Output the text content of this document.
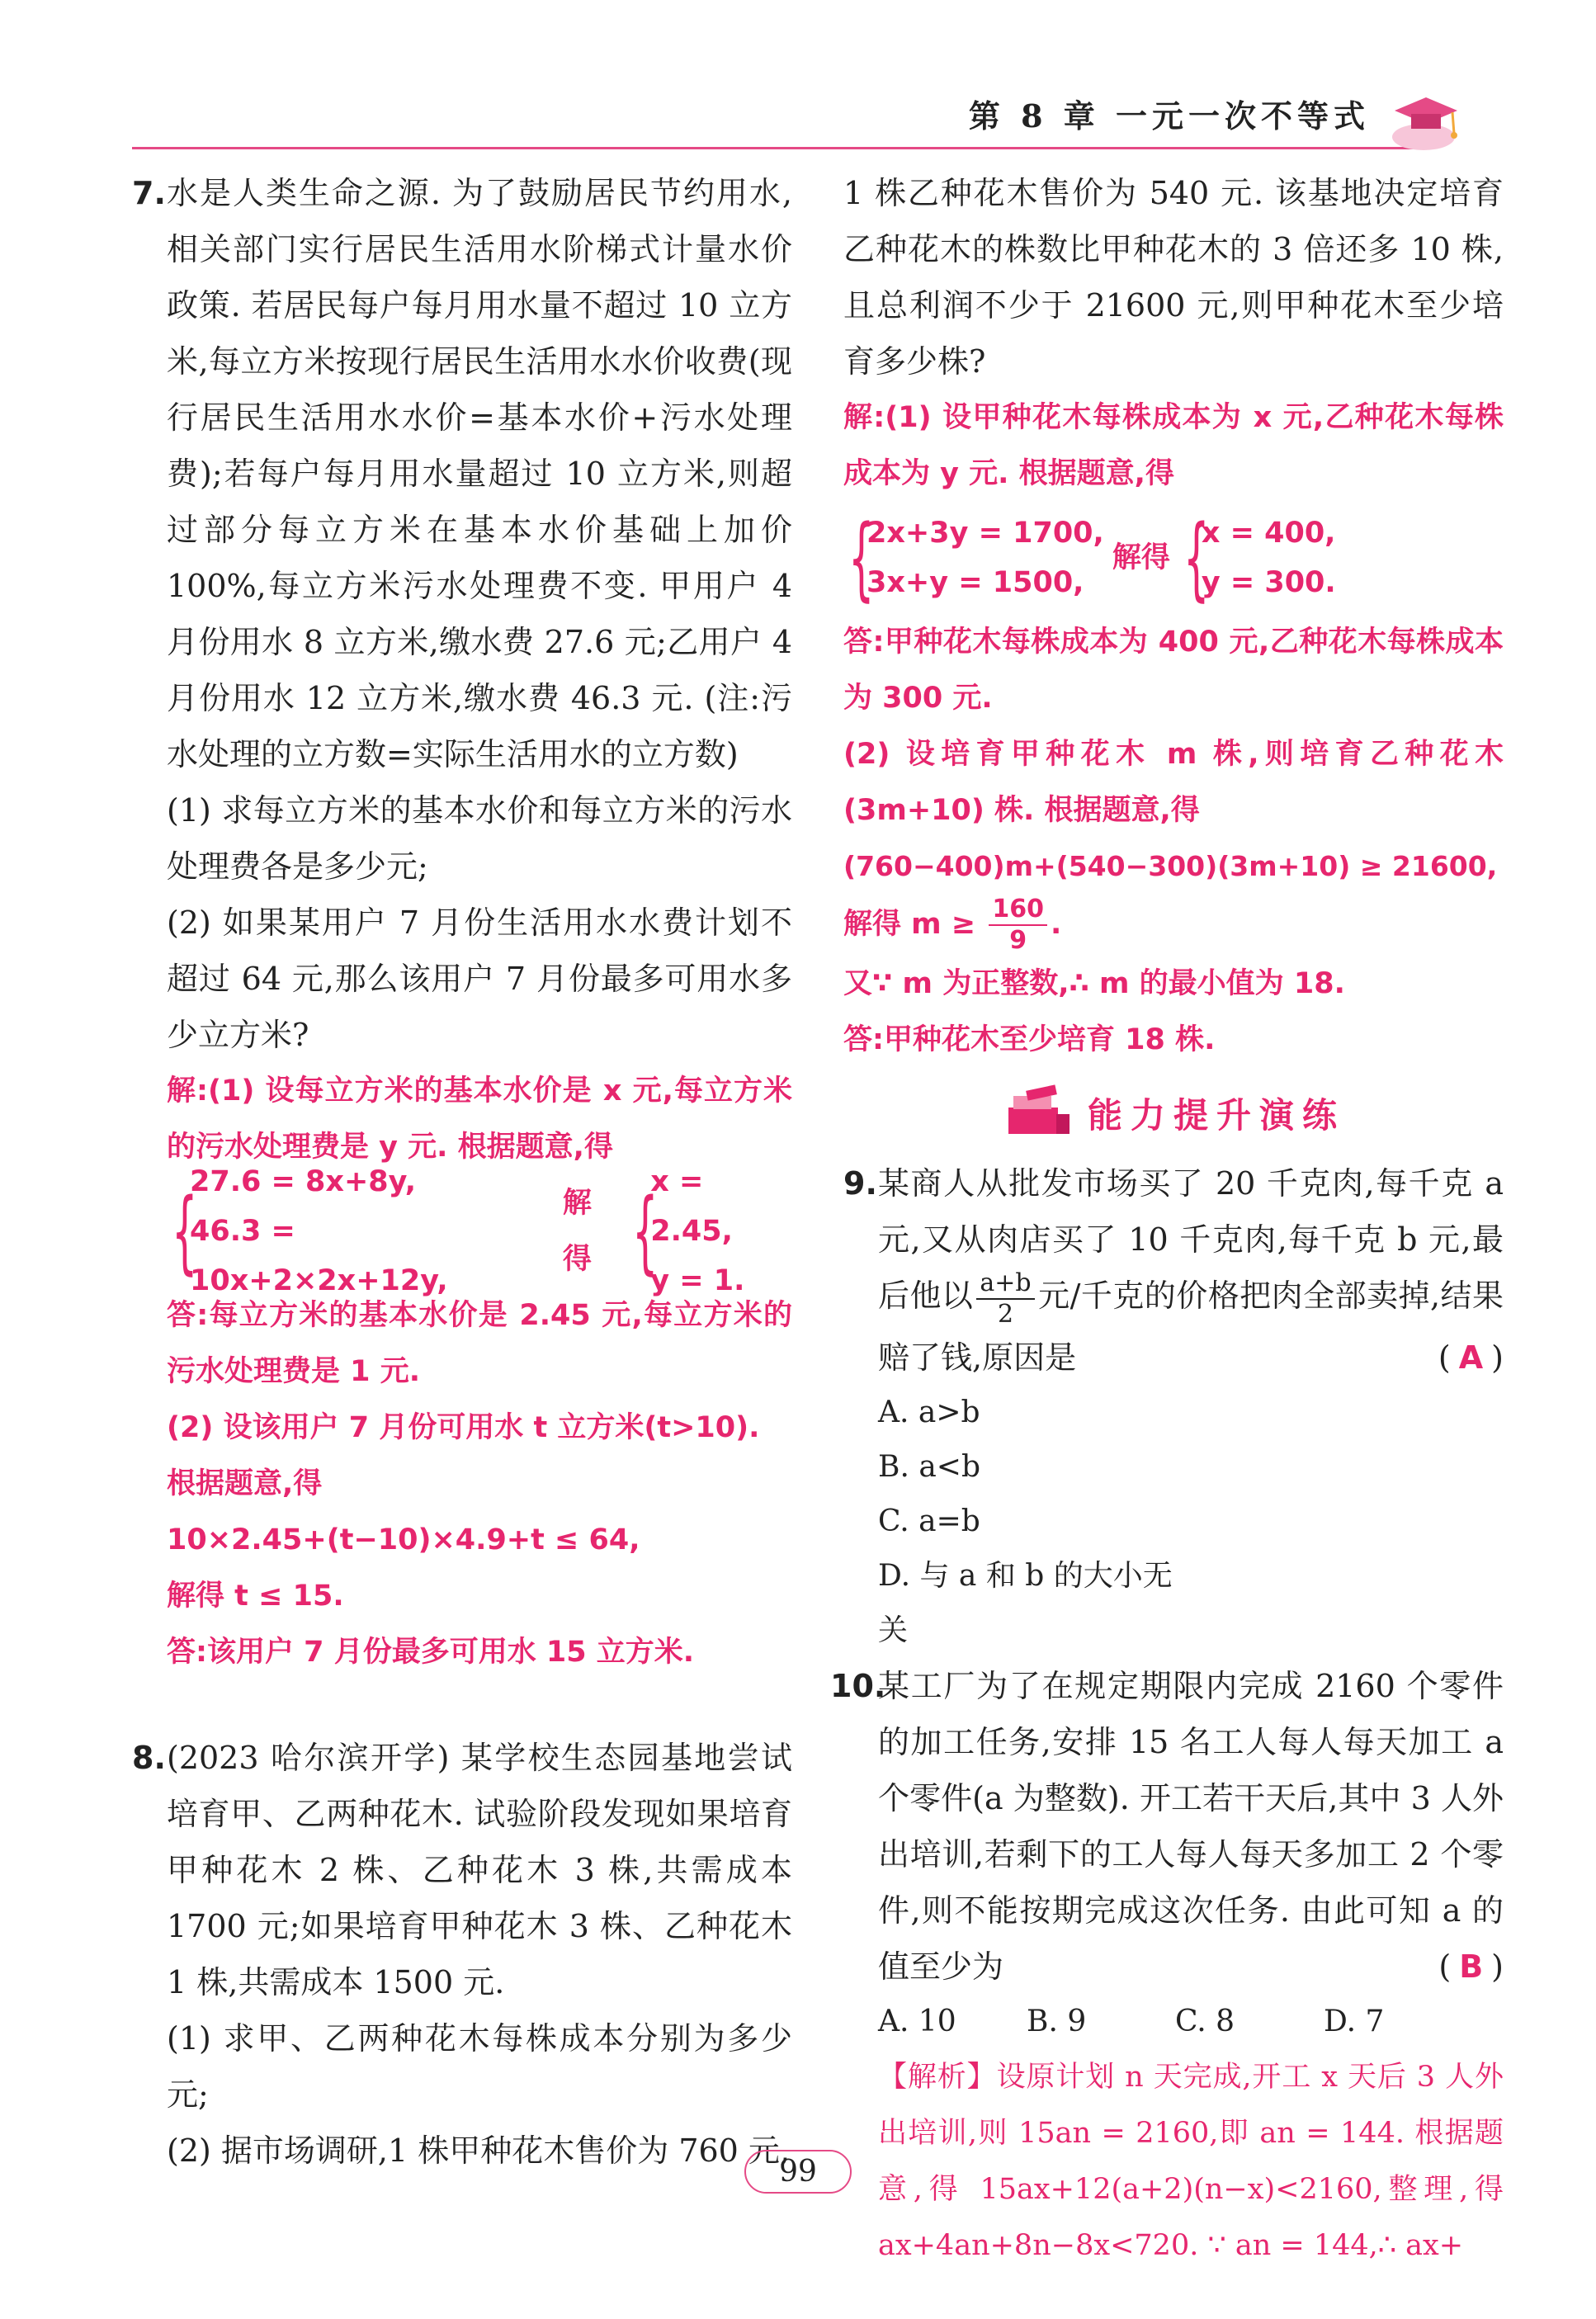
第 8 章 一元一次不等式
7. 水是人类生命之源. 为了鼓励居民节约用水,相关部门实行居民生活用水阶梯式计量水价政策. 若居民每户每月用水量不超过 10 立方米,每立方米按现行居民生活用水水价收费(现行居民生活用水水价=基本水价+污水处理费);若每户每月用水量超过 10 立方米,则超过部分每立方米在基本水价基础上加价 100%,每立方米污水处理费不变. 甲用户 4 月份用水 8 立方米,缴水费 27.6 元;乙用户 4 月份用水 12 立方米,缴水费 46.3 元. (注:污水处理的立方数=实际生活用水的立方数)
(1) 求每立方米的基本水价和每立方米的污水处理费各是多少元;
(2) 如果某用户 7 月份生活用水水费计划不超过 64 元,那么该用户 7 月份最多可用水多少立方米?
解:(1) 设每立方米的基本水价是 x 元,每立方米的污水处理费是 y 元. 根据题意,得
{
27.6 = 8x+8y,
46.3 = 10x+2×2x+12y,
解得 {
x = 2.45,
y = 1.
答:每立方米的基本水价是 2.45 元,每立方米的污水处理费是 1 元.
(2) 设该用户 7 月份可用水 t 立方米(t>10).
根据题意,得
10×2.45+(t−10)×4.9+t ≤ 64,
解得 t ≤ 15.
答:该用户 7 月份最多可用水 15 立方米.
8. (2023 哈尔滨开学) 某学校生态园基地尝试培育甲、乙两种花木. 试验阶段发现如果培育甲种花木 2 株、乙种花木 3 株,共需成本 1700 元;如果培育甲种花木 3 株、乙种花木 1 株,共需成本 1500 元.
(1) 求甲、乙两种花木每株成本分别为多少元;
(2) 据市场调研,1 株甲种花木售价为 760 元,
1 株乙种花木售价为 540 元. 该基地决定培育乙种花木的株数比甲种花木的 3 倍还多 10 株,且总利润不少于 21600 元,则甲种花木至少培育多少株?
解:(1) 设甲种花木每株成本为 x 元,乙种花木每株成本为 y 元. 根据题意,得
{
2x+3y = 1700,
3x+y = 1500,
解得 {
x = 400,
y = 300.
答:甲种花木每株成本为 400 元,乙种花木每株成本为 300 元.
(2) 设培育甲种花木 m 株,则培育乙种花木 (3m+10) 株. 根据题意,得
(760−400)m+(540−300)(3m+10) ≥ 21600,
解得 $m \ge \frac{160}{9}$ .
又∵ m 为正整数,∴ m 的最小值为 18.
答:甲种花木至少培育 18 株.
能力提升演练
9. 某商人从批发市场买了 20 千克肉,每千克 a 元,又从肉店买了 10 千克肉,每千克 b 元,最后他以 $\frac{a+b}{2}$ 元/千克的价格把肉全部卖掉,结果赔了钱,原因是	( A )
A. a>b
B. a<b
C. a=b
D. 与 a 和 b 的大小无关
10.
某工厂为了在规定期限内完成 2160 个零件的加工任务,安排 15 名工人每人每天加工 a 个零件(a 为整数). 开工若干天后,其中 3 人外出培训,若剩下的工人每人每天多加工 2 个零件,则不能按期完成这次任务. 由此可知 a 的值至少为	( B )
A. 10	B. 9	C. 8	D. 7
【解析】设原计划 n 天完成,开工 x 天后 3 人外出培训,则 15an = 2160,即 an = 144. 根据题意,得 15ax+12(a+2)(n−x)<2160,整理,得 ax+4an+8n−8x<720. ∵ an = 144,∴ ax+
99
